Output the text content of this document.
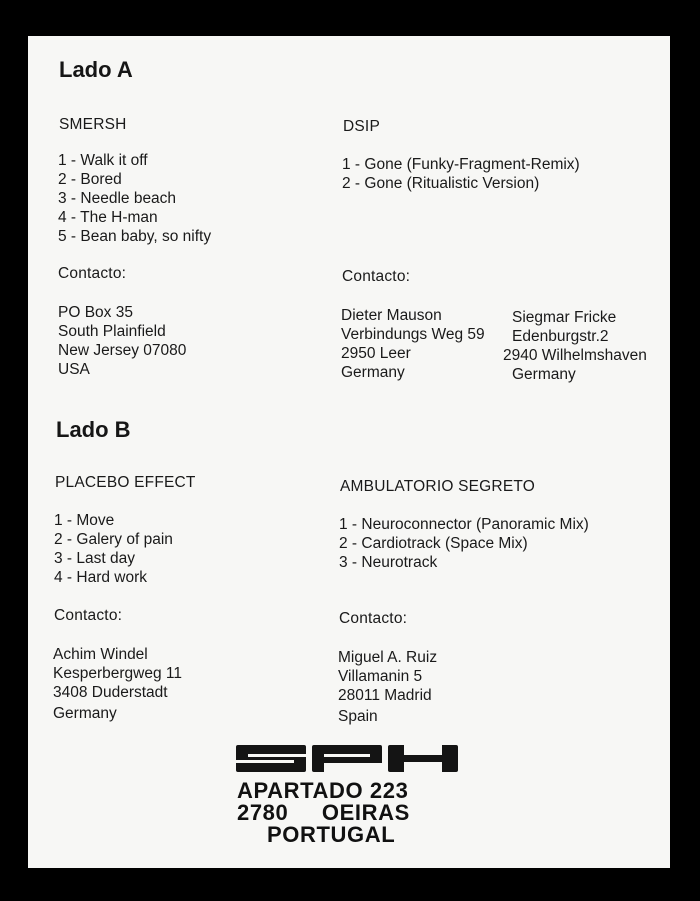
Lado A
SMERSH
1 - Walk it off
2 - Bored
3 - Needle beach
4 - The H-man
5 - Bean baby, so nifty
Contacto:
PO Box 35
South Plainfield
New Jersey 07080
USA
DSIP
1 - Gone (Funky-Fragment-Remix)
2 - Gone (Ritualistic Version)
Contacto:
Dieter Mauson
Verbindungs Weg 59
2950 Leer
Germany
Siegmar Fricke
Edenburgstr.2
2940 Wilhelmshaven
Germany
Lado B
PLACEBO EFFECT
1 - Move
2 - Galery of pain
3 - Last day
4 - Hard work
Contacto:
Achim Windel
Kesperbergweg 11
3408 Duderstadt
Germany
AMBULATORIO SEGRETO
1 - Neuroconnector (Panoramic Mix)
2 - Cardiotrack (Space Mix)
3 - Neurotrack
Contacto:
Miguel A. Ruiz
Villamanin 5
28011 Madrid
Spain
APARTADO 223
2780     OEIRAS
PORTUGAL
